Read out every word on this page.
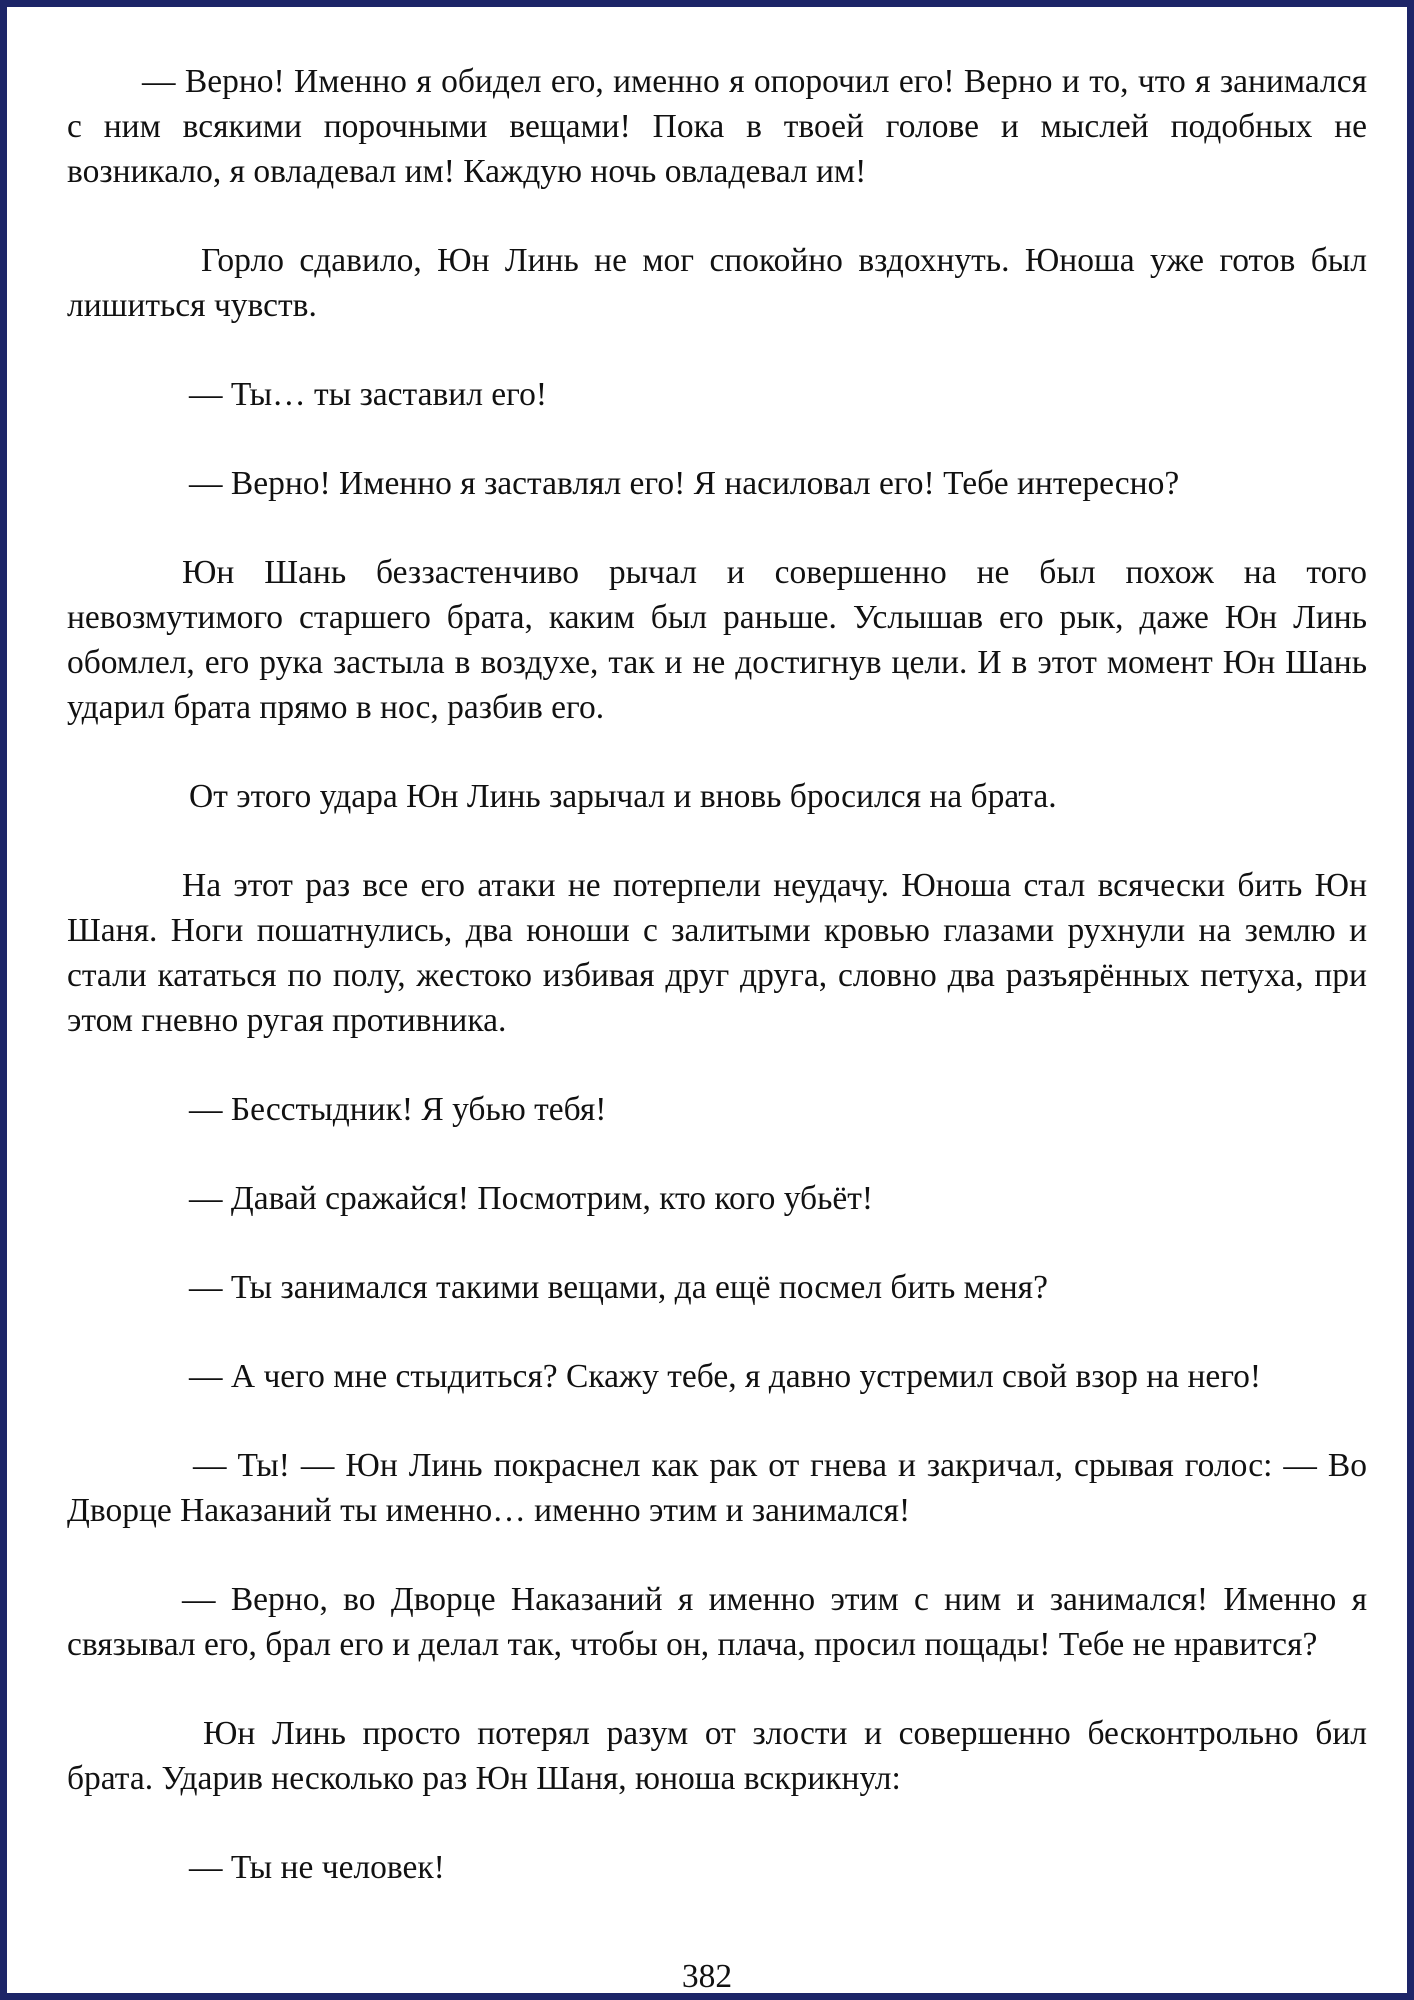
— Верно! Именно я обидел его, именно я опорочил его! Верно и то, что я занимался с ним всякими порочными вещами! Пока в твоей голове и мыслей подобных не возникало, я овладевал им! Каждую ночь овладевал им!

Горло сдавило, Юн Линь не мог спокойно вздохнуть. Юноша уже готов был лишиться чувств.

— Ты… ты заставил его!

— Верно! Именно я заставлял его! Я насиловал его! Тебе интересно?

Юн Шань беззастенчиво рычал и совершенно не был похож на того невозмутимого старшего брата, каким был раньше. Услышав его рык, даже Юн Линь обомлел, его рука застыла в воздухе, так и не достигнув цели. И в этот момент Юн Шань ударил брата прямо в нос, разбив его.

От этого удара Юн Линь зарычал и вновь бросился на брата.

На этот раз все его атаки не потерпели неудачу. Юноша стал всячески бить Юн Шаня. Ноги пошатнулись, два юноши с залитыми кровью глазами рухнули на землю и стали кататься по полу, жестоко избивая друг друга, словно два разъярённых петуха, при этом гневно ругая противника.

— Бесстыдник! Я убью тебя!

— Давай сражайся! Посмотрим, кто кого убьёт!

— Ты занимался такими вещами, да ещё посмел бить меня?

— А чего мне стыдиться? Скажу тебе, я давно устремил свой взор на него!

— Ты! — Юн Линь покраснел как рак от гнева и закричал, срывая голос: — Во Дворце Наказаний ты именно… именно этим и занимался!

— Верно, во Дворце Наказаний я именно этим с ним и занимался! Именно я связывал его, брал его и делал так, чтобы он, плача, просил пощады! Тебе не нравится?

Юн Линь просто потерял разум от злости и совершенно бесконтрольно бил брата. Ударив несколько раз Юн Шаня, юноша вскрикнул:

— Ты не человек!

382
